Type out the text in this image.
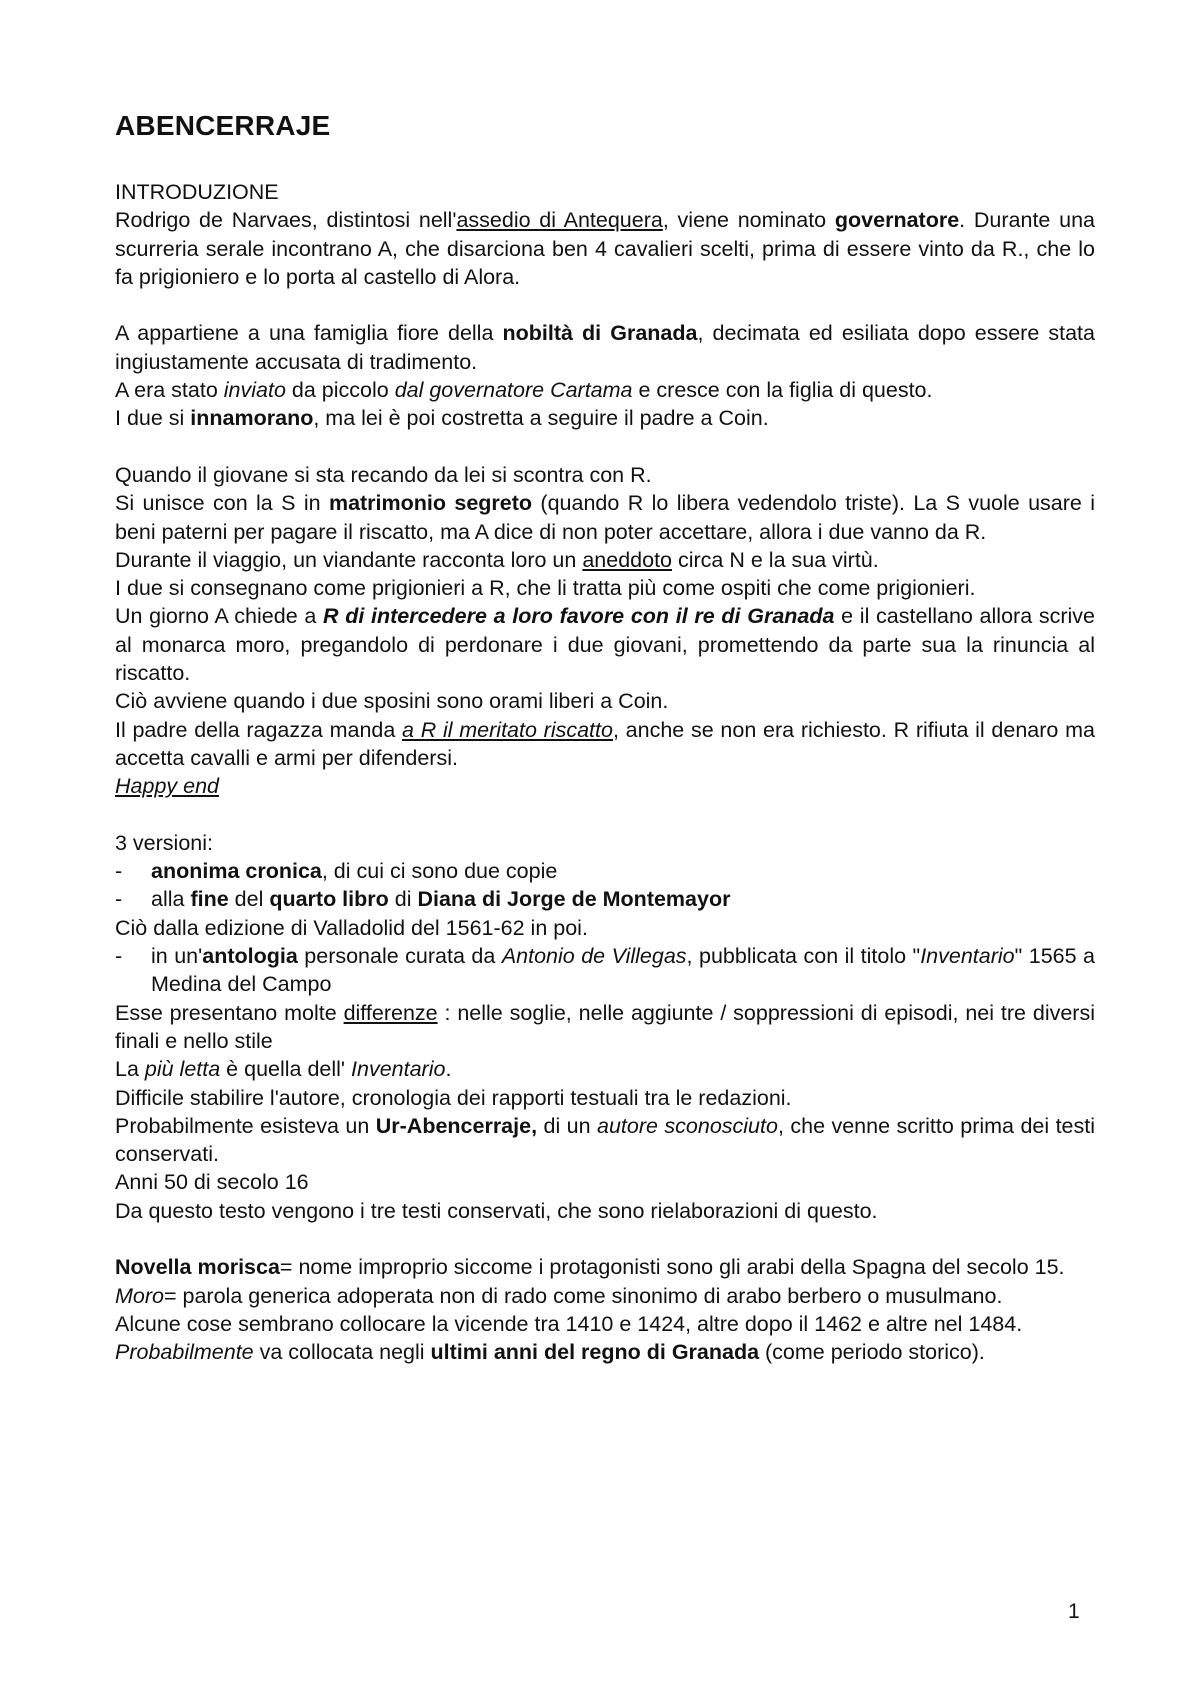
ABENCERRAJE

INTRODUZIONE

Rodrigo de Narvaes, distintosi nell'assedio di Antequera, viene nominato governatore. Durante una scurreria serale incontrano A, che disarciona ben 4 cavalieri scelti, prima di essere vinto da R., che lo fa prigioniero e lo porta al castello di Alora.

A appartiene a una famiglia fiore della nobiltà di Granada, decimata ed esiliata dopo essere stata ingiustamente accusata di tradimento.

A era stato inviato da piccolo dal governatore Cartama e cresce con la figlia di questo.

I due si innamorano, ma lei è poi costretta a seguire il padre a Coin.

Quando il giovane si sta recando da lei si scontra con R.

Si unisce con la S in matrimonio segreto (quando R lo libera vedendolo triste). La S vuole usare i beni paterni per pagare il riscatto, ma A dice di non poter accettare, allora i due vanno da R.

Durante il viaggio, un viandante racconta loro un aneddoto circa N e la sua virtù.

I due si consegnano come prigionieri a R, che li tratta più come ospiti che come prigionieri.

Un giorno A chiede a R di intercedere a loro favore con il re di Granada e il castellano allora scrive al monarca moro, pregandolo di perdonare i due giovani, promettendo da parte sua la rinuncia al riscatto.

Ciò avviene quando i due sposini sono orami liberi a Coin.

Il padre della ragazza manda a R il meritato riscatto, anche se non era richiesto. R rifiuta il denaro ma accetta cavalli e armi per difendersi.

Happy end

3 versioni:

-	anonima cronica, di cui ci sono due copie
-	alla fine del quarto libro di Diana di Jorge de Montemayor

Ciò dalla edizione di Valladolid del 1561-62 in poi.

-	in un'antologia personale curata da Antonio de Villegas, pubblicata con il titolo "Inventario" 1565 a Medina del Campo

Esse presentano molte differenze : nelle soglie, nelle aggiunte / soppressioni di episodi, nei tre diversi finali e nello stile

La più letta è quella dell' Inventario.

Difficile stabilire l'autore, cronologia dei rapporti testuali tra le redazioni.

Probabilmente esisteva un Ur-Abencerraje, di un autore sconosciuto, che venne scritto prima dei testi conservati.

Anni 50 di secolo 16

Da questo testo vengono i tre testi conservati, che sono rielaborazioni di questo.

Novella morisca= nome improprio siccome i protagonisti sono gli arabi della Spagna del secolo 15.

Moro= parola generica adoperata non di rado come sinonimo di arabo berbero o musulmano.

Alcune cose sembrano collocare la vicende tra 1410 e 1424, altre dopo il 1462 e altre nel 1484.

Probabilmente va collocata negli ultimi anni del regno di Granada (come periodo storico).

1
